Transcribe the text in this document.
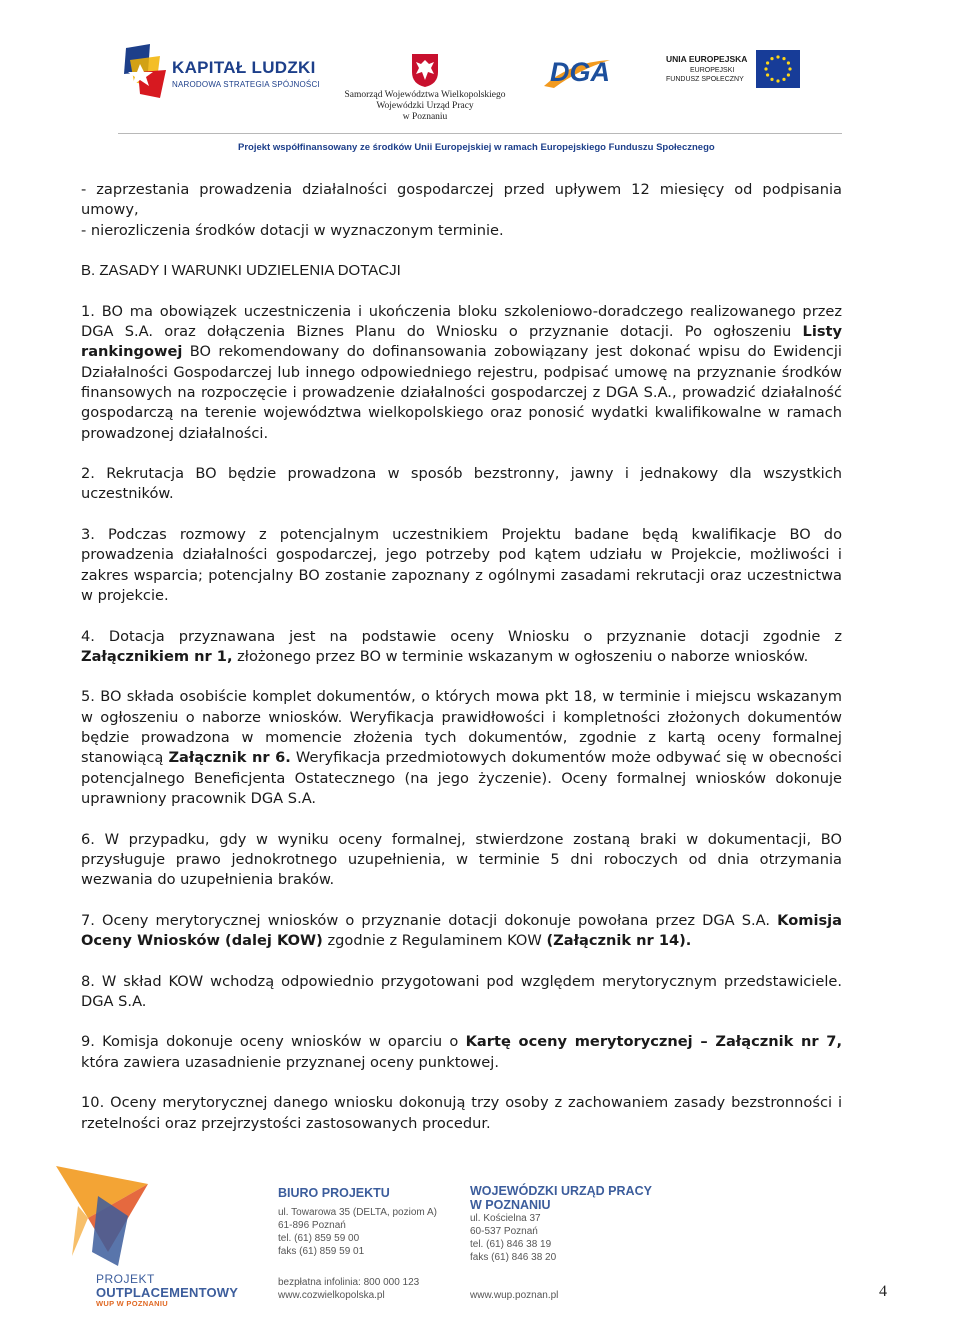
KAPITAŁ LUDZKI
NARODOWA STRATEGIA SPÓJNOŚCI
Samorząd Województwa Wielkopolskiego
Wojewódzki Urząd Pracy
w Poznaniu
DGA	UNIA EUROPEJSKA
EUROPEJSKI
FUNDUSZ SPOŁECZNY
Projekt współfinansowany ze środków Unii Europejskiej w ramach Europejskiego Funduszu Społecznego

- zaprzestania prowadzenia działalności gospodarczej przed upływem 12 miesięcy od podpisania umowy,

- nierozliczenia środków dotacji w wyznaczonym terminie.

B. ZASADY I WARUNKI UDZIELENIA DOTACJI

1. BO ma obowiązek uczestniczenia i ukończenia bloku szkoleniowo-doradczego realizowanego przez DGA S.A. oraz dołączenia Biznes Planu do Wniosku o przyznanie dotacji. Po ogłoszeniu Listy rankingowej BO rekomendowany do dofinansowania zobowiązany jest dokonać wpisu do Ewidencji Działalności Gospodarczej lub innego odpowiedniego rejestru, podpisać umowę na przyznanie środków finansowych na rozpoczęcie i prowadzenie działalności gospodarczej z DGA S.A., prowadzić działalność gospodarczą na terenie województwa wielkopolskiego oraz ponosić wydatki kwalifikowalne w ramach prowadzonej działalności.

2. Rekrutacja BO będzie prowadzona w sposób bezstronny, jawny i jednakowy dla wszystkich uczestników.

3. Podczas rozmowy z potencjalnym uczestnikiem Projektu badane będą kwalifikacje BO do prowadzenia działalności gospodarczej, jego potrzeby pod kątem udziału w Projekcie, możliwości i zakres wsparcia; potencjalny BO zostanie zapoznany z ogólnymi zasadami rekrutacji oraz uczestnictwa w projekcie.

4. Dotacja przyznawana jest na podstawie oceny Wniosku o przyznanie dotacji zgodnie z Załącznikiem nr 1, złożonego przez BO w terminie wskazanym w ogłoszeniu o naborze wniosków.

5. BO składa osobiście komplet dokumentów, o których mowa pkt 18, w terminie i miejscu wskazanym w ogłoszeniu o naborze wniosków. Weryfikacja prawidłowości i kompletności złożonych dokumentów będzie prowadzona w momencie złożenia tych dokumentów, zgodnie z kartą oceny formalnej stanowiącą Załącznik nr 6. Weryfikacja przedmiotowych dokumentów może odbywać się w obecności potencjalnego Beneficjenta Ostatecznego (na jego życzenie). Oceny formalnej wniosków dokonuje uprawniony pracownik DGA S.A.

6. W przypadku, gdy w wyniku oceny formalnej, stwierdzone zostaną braki w dokumentacji, BO przysługuje prawo jednokrotnego uzupełnienia, w terminie 5 dni roboczych od dnia otrzymania wezwania do uzupełnienia braków.

7. Oceny merytorycznej wniosków o przyznanie dotacji dokonuje powołana przez DGA S.A. Komisja Oceny Wniosków (dalej KOW) zgodnie z Regulaminem KOW (Załącznik nr 14).

8. W skład KOW wchodzą odpowiednio przygotowani pod względem merytorycznym przedstawiciele. DGA S.A.

9. Komisja dokonuje oceny wniosków w oparciu o Kartę oceny merytorycznej – Załącznik nr 7, która zawiera uzasadnienie przyznanej oceny punktowej.

10. Oceny merytorycznej danego wniosku dokonują trzy osoby z zachowaniem zasady bezstronności i rzetelności oraz przejrzystości zastosowanych procedur.

BIURO PROJEKTU
ul. Towarowa 35 (DELTA, poziom A)
61-896 Poznań
tel. (61) 859 59 00
faks (61) 859 59 01
WOJEWÓDZKI URZĄD PRACY
W POZNANIU
ul. Kościelna 37
60-537 Poznań
tel. (61) 846 38 19
faks (61) 846 38 20
bezpłatna infolinia: 800 000 123
www.cozwielkopolska.pl	www.wup.poznan.pl
PROJEKT
OUTPLACEMENTOWY
WUP W POZNANIU
4
